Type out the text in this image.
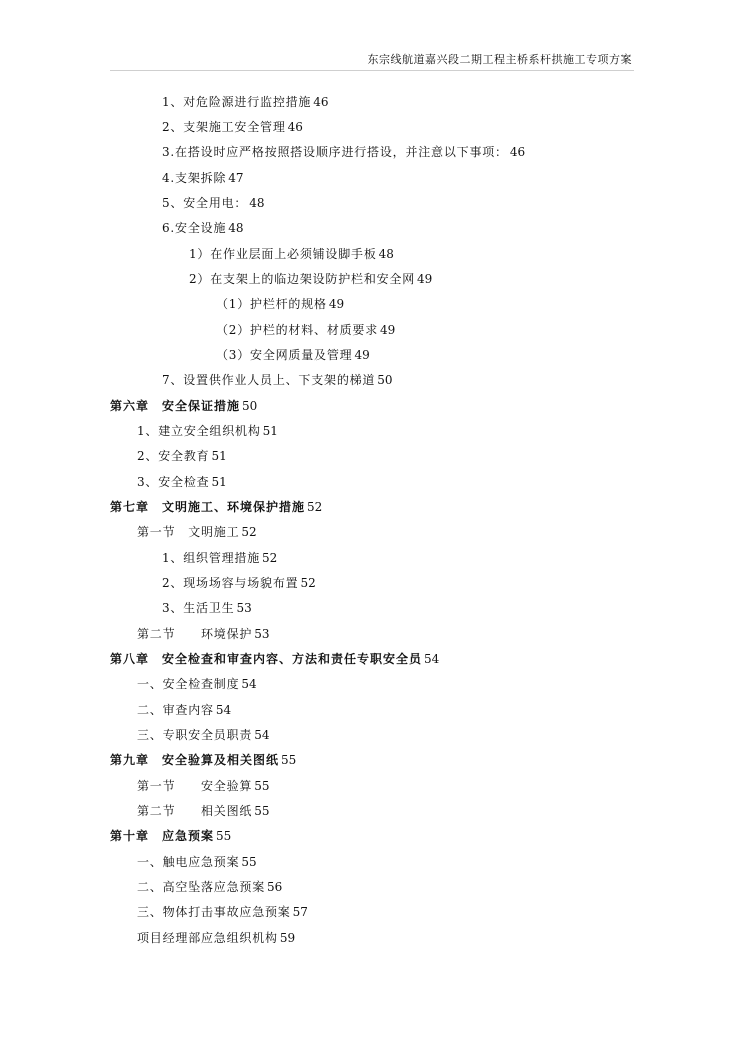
东宗线航道嘉兴段二期工程主桥系杆拱施工专项方案
1、对危险源进行监控措施 46
2、支架施工安全管理 46
3.在搭设时应严格按照搭设顺序进行搭设，并注意以下事项： 46
4.支架拆除 47
5、安全用电： 48
6.安全设施 48
1）在作业层面上必须铺设脚手板 48
2）在支架上的临边架设防护栏和安全网 49
（1）护栏杆的规格 49
（2）护栏的材料、材质要求 49
（3）安全网质量及管理 49
7、设置供作业人员上、下支架的梯道 50
第六章　安全保证措施 50
1、建立安全组织机构 51
2、安全教育 51
3、安全检查 51
第七章　文明施工、环境保护措施 52
第一节　文明施工 52
1、组织管理措施 52
2、现场场容与场貌布置 52
3、生活卫生 53
第二节　　环境保护 53
第八章　安全检查和审查内容、方法和责任专职安全员 54
一、安全检查制度 54
二、审查内容 54
三、专职安全员职责 54
第九章　安全验算及相关图纸 55
第一节　　安全验算 55
第二节　　相关图纸 55
第十章　应急预案 55
一、触电应急预案 55
二、高空坠落应急预案 56
三、物体打击事故应急预案 57
项目经理部应急组织机构 59
